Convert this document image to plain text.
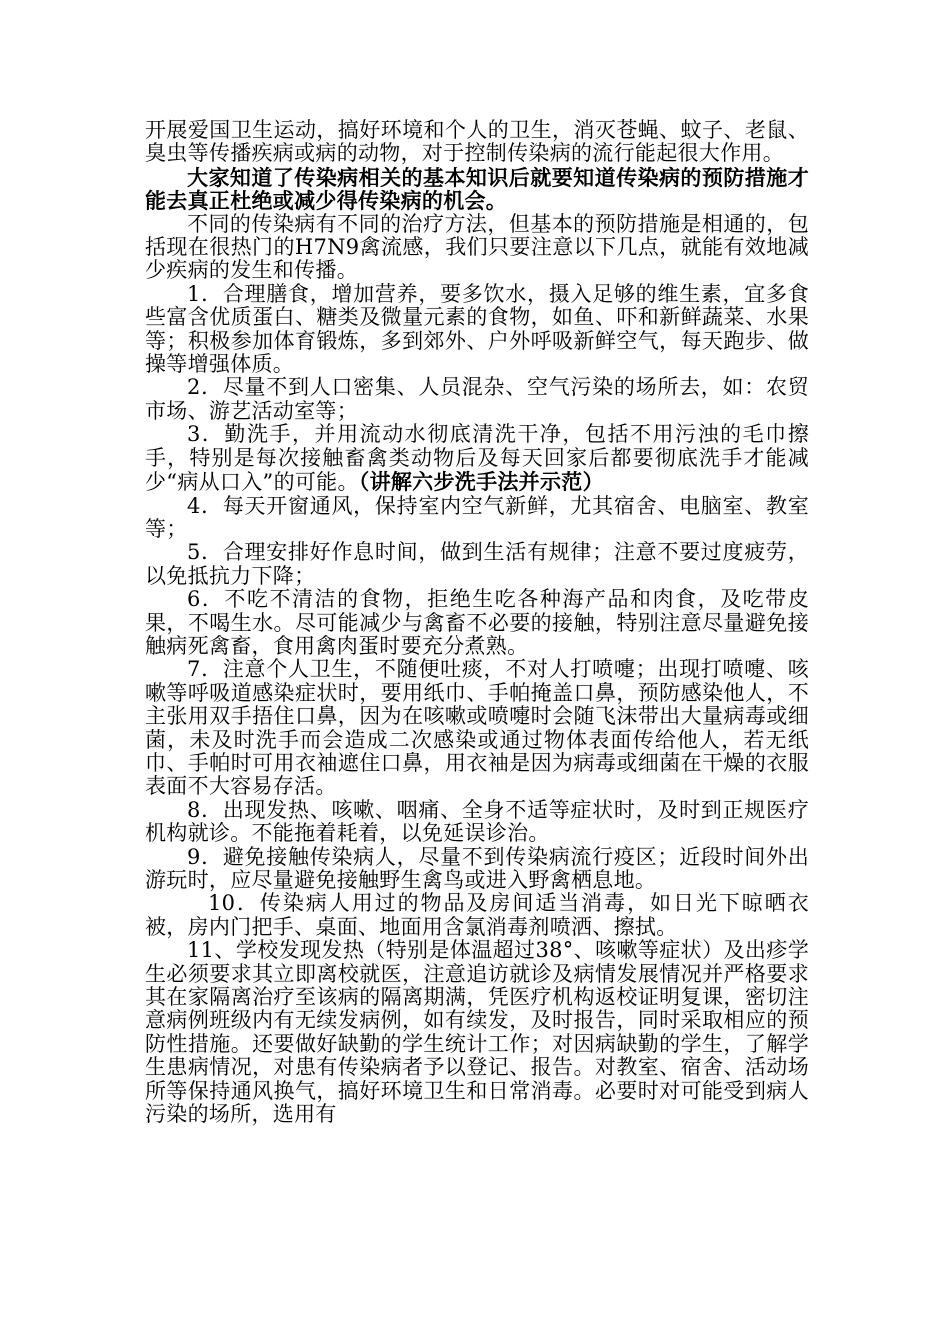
开展爱国卫生运动，搞好环境和个人的卫生，消灭苍蝇、蚊子、老鼠、臭虫等传播疾病或病的动物，对于控制传染病的流行能起很大作用。

大家知道了传染病相关的基本知识后就要知道传染病的预防措施才能去真正杜绝或减少得传染病的机会。

不同的传染病有不同的治疗方法，但基本的预防措施是相通的，包括现在很热门的H7N9禽流感，我们只要注意以下几点，就能有效地减少疾病的发生和传播。

1．合理膳食，增加营养，要多饮水，摄入足够的维生素，宜多食些富含优质蛋白、糖类及微量元素的食物，如鱼、吓和新鲜蔬菜、水果等；积极参加体育锻炼，多到郊外、户外呼吸新鲜空气，每天跑步、做操等增强体质。

2．尽量不到人口密集、人员混杂、空气污染的场所去，如：农贸市场、游艺活动室等；

3．勤洗手，并用流动水彻底清洗干净，包括不用污浊的毛巾擦手，特别是每次接触畜禽类动物后及每天回家后都要彻底洗手才能减少“病从口入”的可能。（讲解六步洗手法并示范）

4．每天开窗通风，保持室内空气新鲜，尤其宿舍、电脑室、教室等；

5．合理安排好作息时间，做到生活有规律；注意不要过度疲劳，以免抵抗力下降；

6．不吃不清洁的食物，拒绝生吃各种海产品和肉食，及吃带皮果，不喝生水。尽可能减少与禽畜不必要的接触，特别注意尽量避免接触病死禽畜，食用禽肉蛋时要充分煮熟。

7．注意个人卫生，不随便吐痰，不对人打喷嚏；出现打喷嚏、咳嗽等呼吸道感染症状时，要用纸巾、手帕掩盖口鼻，预防感染他人，不主张用双手捂住口鼻，因为在咳嗽或喷嚏时会随飞沫带出大量病毒或细菌，未及时洗手而会造成二次感染或通过物体表面传给他人，若无纸巾、手帕时可用衣袖遮住口鼻，用衣袖是因为病毒或细菌在干燥的衣服表面不大容易存活。

8．出现发热、咳嗽、咽痛、全身不适等症状时，及时到正规医疗机构就诊。不能拖着耗着，以免延误诊治。

9．避免接触传染病人，尽量不到传染病流行疫区；近段时间外出游玩时，应尽量避免接触野生禽鸟或进入野禽栖息地。

10．传染病人用过的物品及房间适当消毒，如日光下晾晒衣被，房内门把手、桌面、地面用含氯消毒剂喷洒、擦拭。

11、学校发现发热（特别是体温超过38°、咳嗽等症状）及出疹学生必须要求其立即离校就医，注意追访就诊及病情发展情况并严格要求其在家隔离治疗至该病的隔离期满，凭医疗机构返校证明复课，密切注意病例班级内有无续发病例，如有续发，及时报告，同时采取相应的预防性措施。还要做好缺勤的学生统计工作；对因病缺勤的学生，了解学生患病情况，对患有传染病者予以登记、报告。对教室、宿舍、活动场所等保持通风换气，搞好环境卫生和日常消毒。必要时对可能受到病人污染的场所，选用有
